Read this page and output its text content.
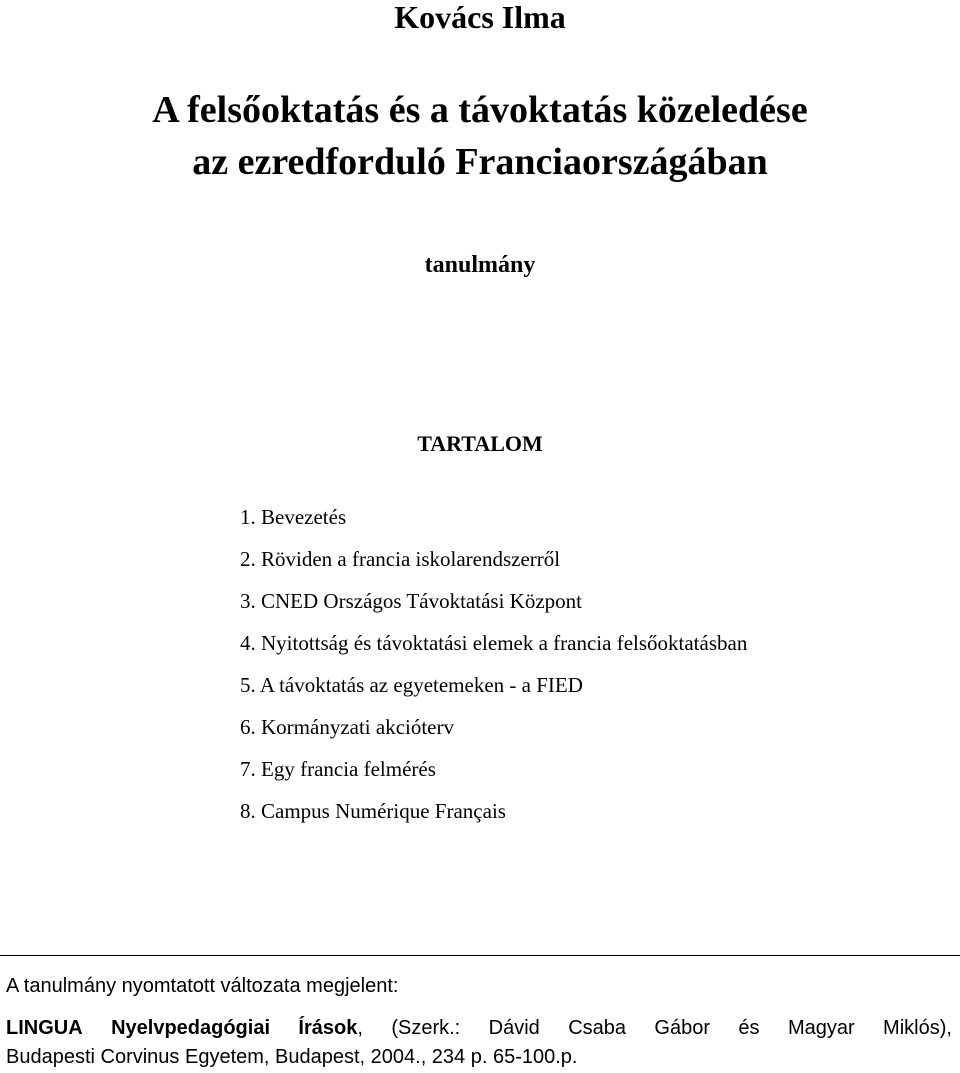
Kovács Ilma
A felsőoktatás és a távoktatás közeledése
az ezredforduló Franciaországában
tanulmány
TARTALOM
1. Bevezetés
2. Röviden a francia iskolarendszerről
3. CNED Országos Távoktatási Központ
4. Nyitottság és távoktatási elemek a francia felsőoktatásban
5. A távoktatás az egyetemeken - a FIED
6. Kormányzati akcióterv
7. Egy francia felmérés
8. Campus Numérique Français
A tanulmány nyomtatott változata megjelent:
LINGUA Nyelvpedagógiai Írások, (Szerk.: Dávid Csaba Gábor és Magyar Miklós),
Budapesti Corvinus Egyetem, Budapest, 2004., 234 p. 65-100.p.
